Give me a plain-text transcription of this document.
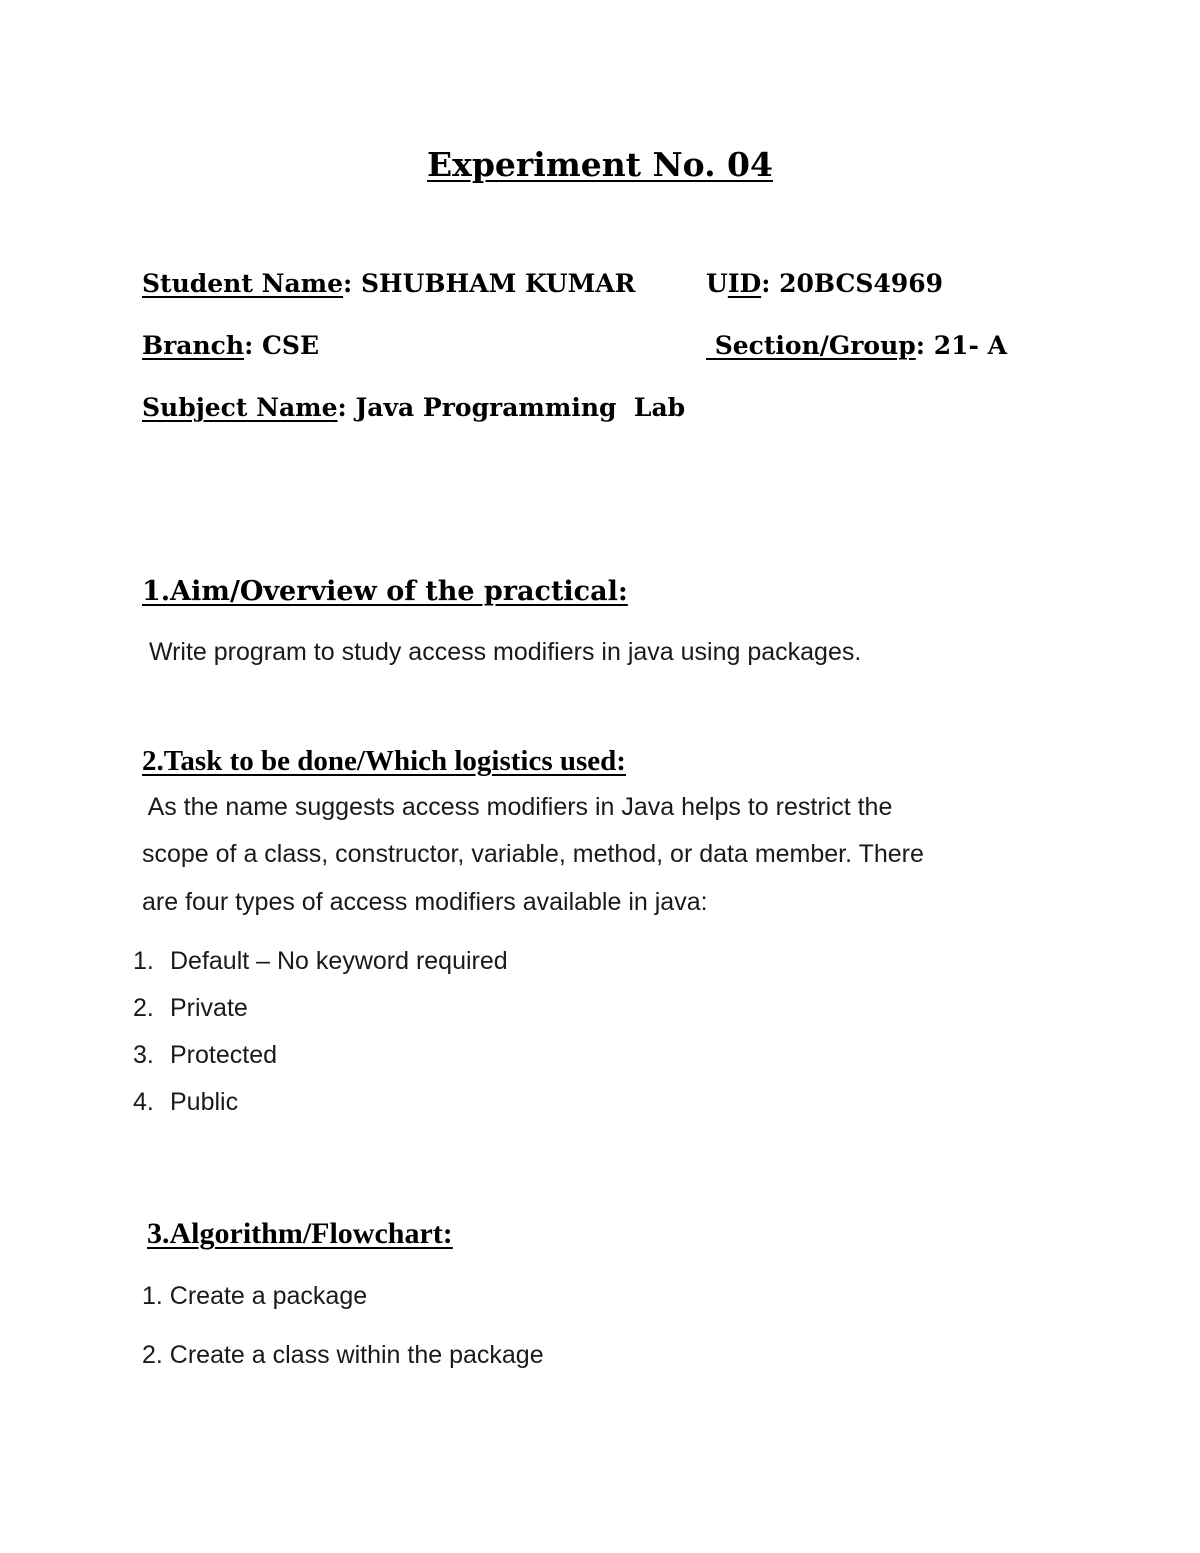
Experiment No. 04
Student Name: SHUBHAM KUMAR	UID: 20BCS4969
Branch: CSE	Section/Group: 21- A
Subject Name: Java Programming  Lab
1.Aim/Overview of the practical:
Write program to study access modifiers in java using packages.
2.Task to be done/Which logistics used:
As the name suggests access modifiers in Java helps to restrict the
scope of a class, constructor, variable, method, or data member. There
are four types of access modifiers available in java:
1. Default – No keyword required
2. Private
3. Protected
4. Public
3.Algorithm/Flowchart:
1. Create a package
2. Create a class within the package
